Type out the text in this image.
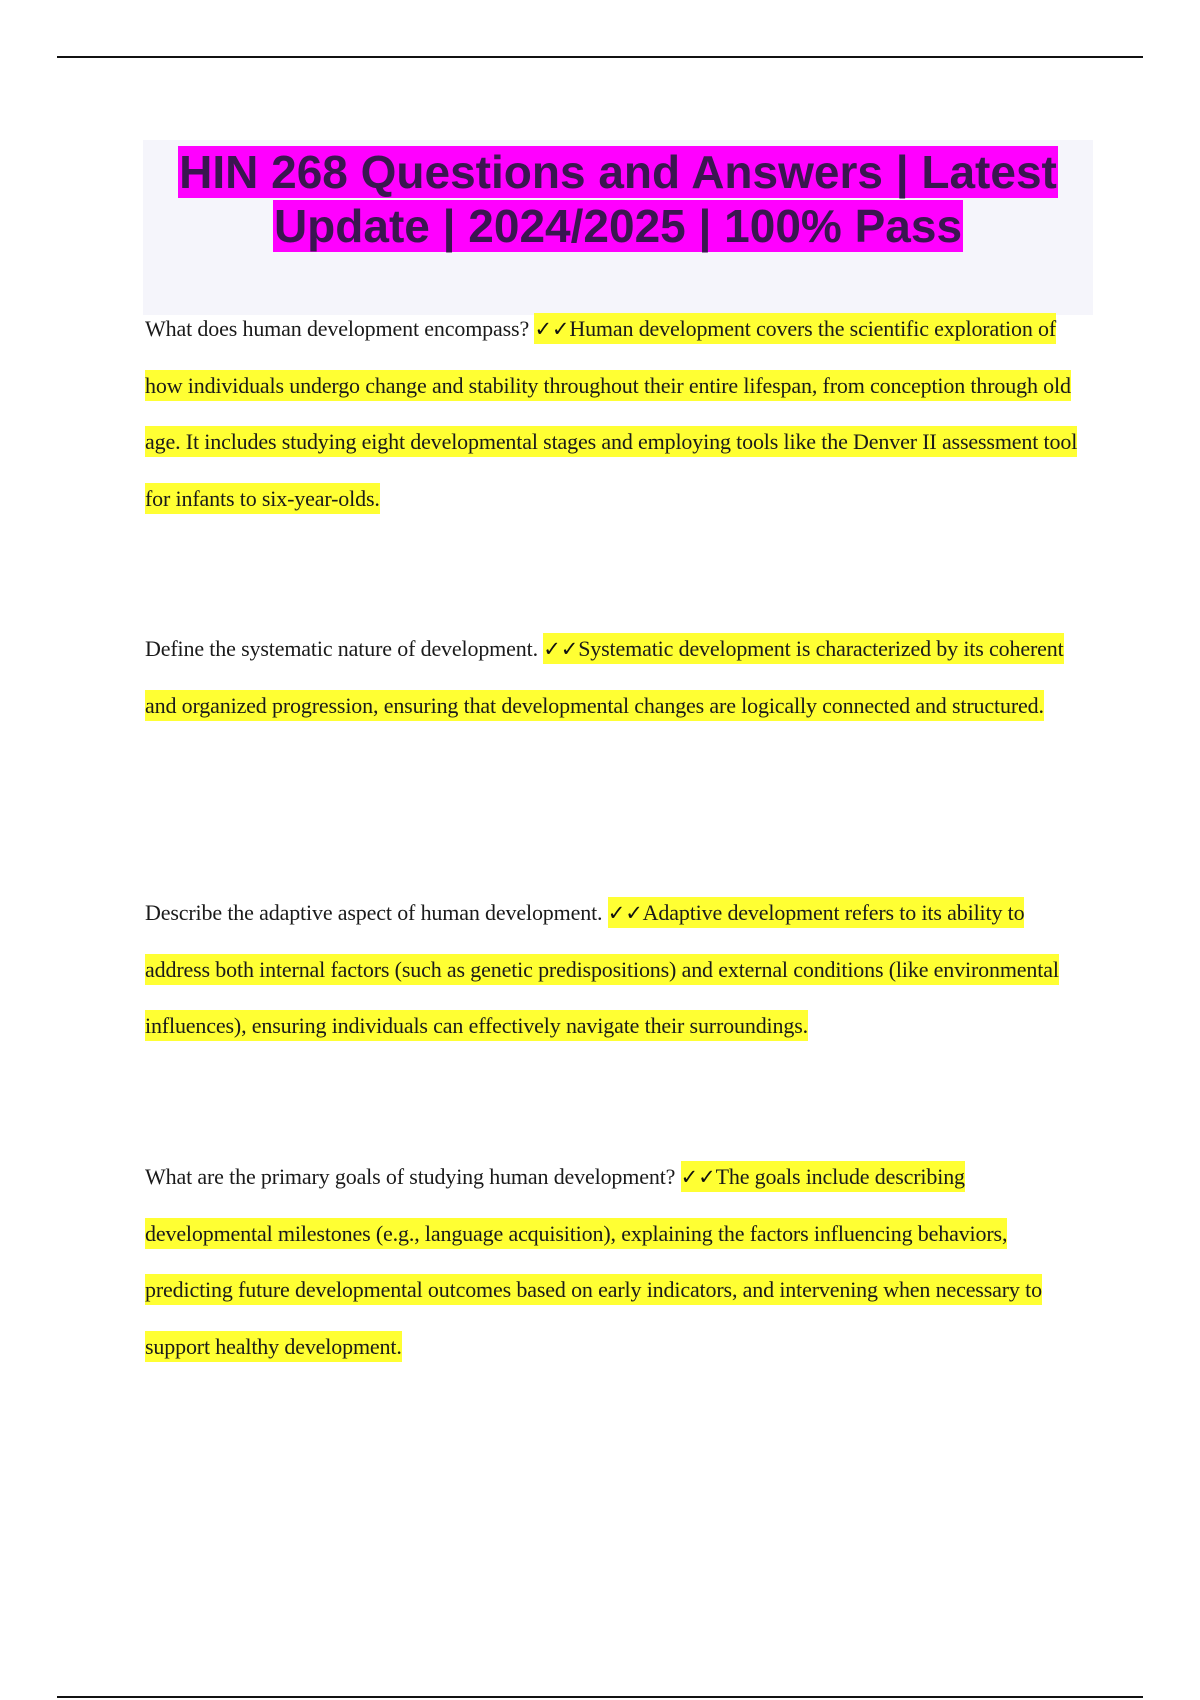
HIN 268 Questions and Answers | Latest Update | 2024/2025 | 100% Pass

What does human development encompass? ✓✓Human development covers the scientific exploration of how individuals undergo change and stability throughout their entire lifespan, from conception through old age. It includes studying eight developmental stages and employing tools like the Denver II assessment tool for infants to six-year-olds.

Define the systematic nature of development. ✓✓Systematic development is characterized by its coherent and organized progression, ensuring that developmental changes are logically connected and structured.

Describe the adaptive aspect of human development. ✓✓Adaptive development refers to its ability to address both internal factors (such as genetic predispositions) and external conditions (like environmental influences), ensuring individuals can effectively navigate their surroundings.

What are the primary goals of studying human development? ✓✓The goals include describing developmental milestones (e.g., language acquisition), explaining the factors influencing behaviors, predicting future developmental outcomes based on early indicators, and intervening when necessary to support healthy development.
